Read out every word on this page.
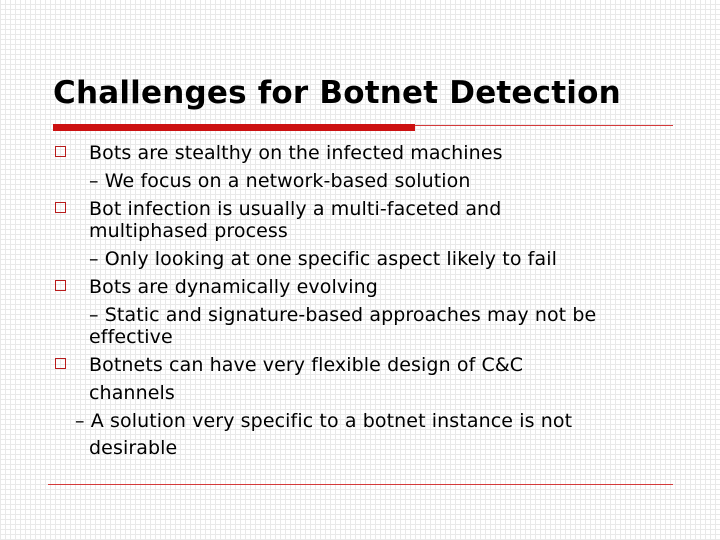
Challenges for Botnet Detection
Bots are stealthy on the infected machines
– We focus on a network-based solution
Bot infection is usually a multi-faceted and
multiphased process
– Only looking at one specific aspect likely to fail
Bots are dynamically evolving
– Static and signature-based approaches may not be
effective
Botnets can have very flexible design of C&C
channels
– A solution very specific to a botnet instance is not
desirable
